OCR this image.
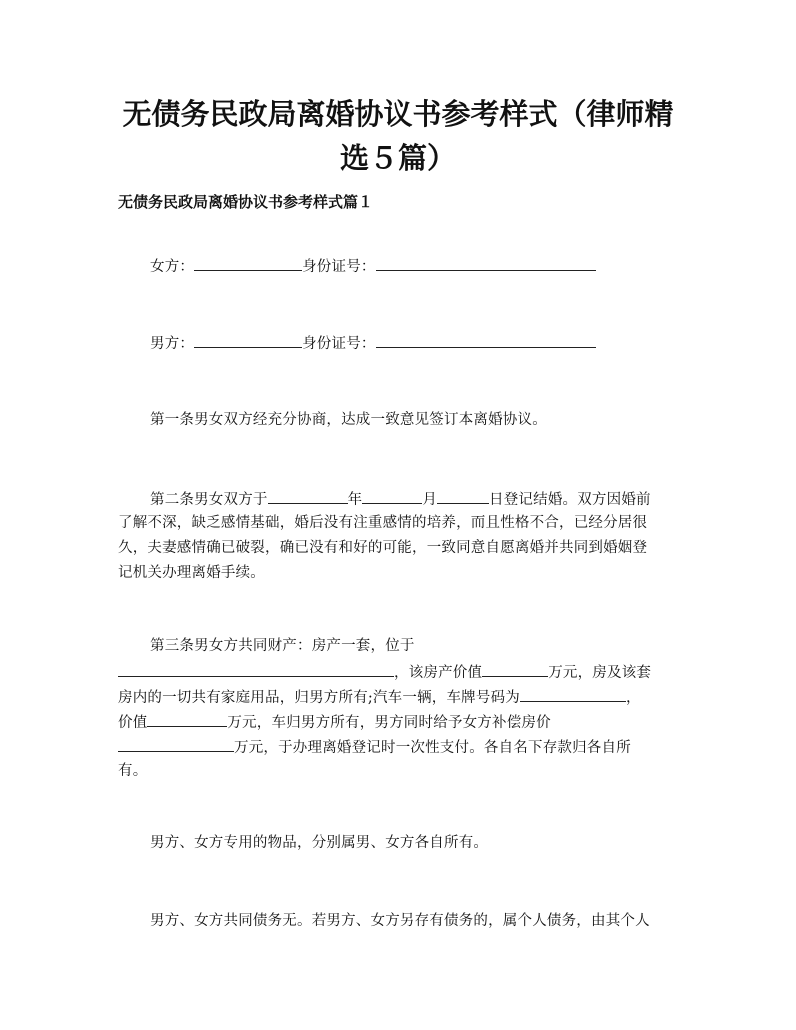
无债务民政局离婚协议书参考样式（律师精
选５篇）
无债务民政局离婚协议书参考样式篇１
女方：	身份证号：
男方：	身份证号：
第一条男女双方经充分协商，达成一致意见签订本离婚协议。
第二条男女双方于	年	月	日登记结婚。双方因婚前
了解不深，缺乏感情基础，婚后没有注重感情的培养，而且性格不合，已经分居很
久，夫妻感情确已破裂，确已没有和好的可能，一致同意自愿离婚并共同到婚姻登
记机关办理离婚手续。
第三条男女方共同财产：房产一套，位于
，该房产价值	万元，房及该套
房内的一切共有家庭用品，归男方所有;汽车一辆，车牌号码为	，
价值	万元，车归男方所有，男方同时给予女方补偿房价
万元，于办理离婚登记时一次性支付。各自名下存款归各自所
有。
男方、女方专用的物品，分别属男、女方各自所有。
男方、女方共同债务无。若男方、女方另存有债务的，属个人债务，由其个人
